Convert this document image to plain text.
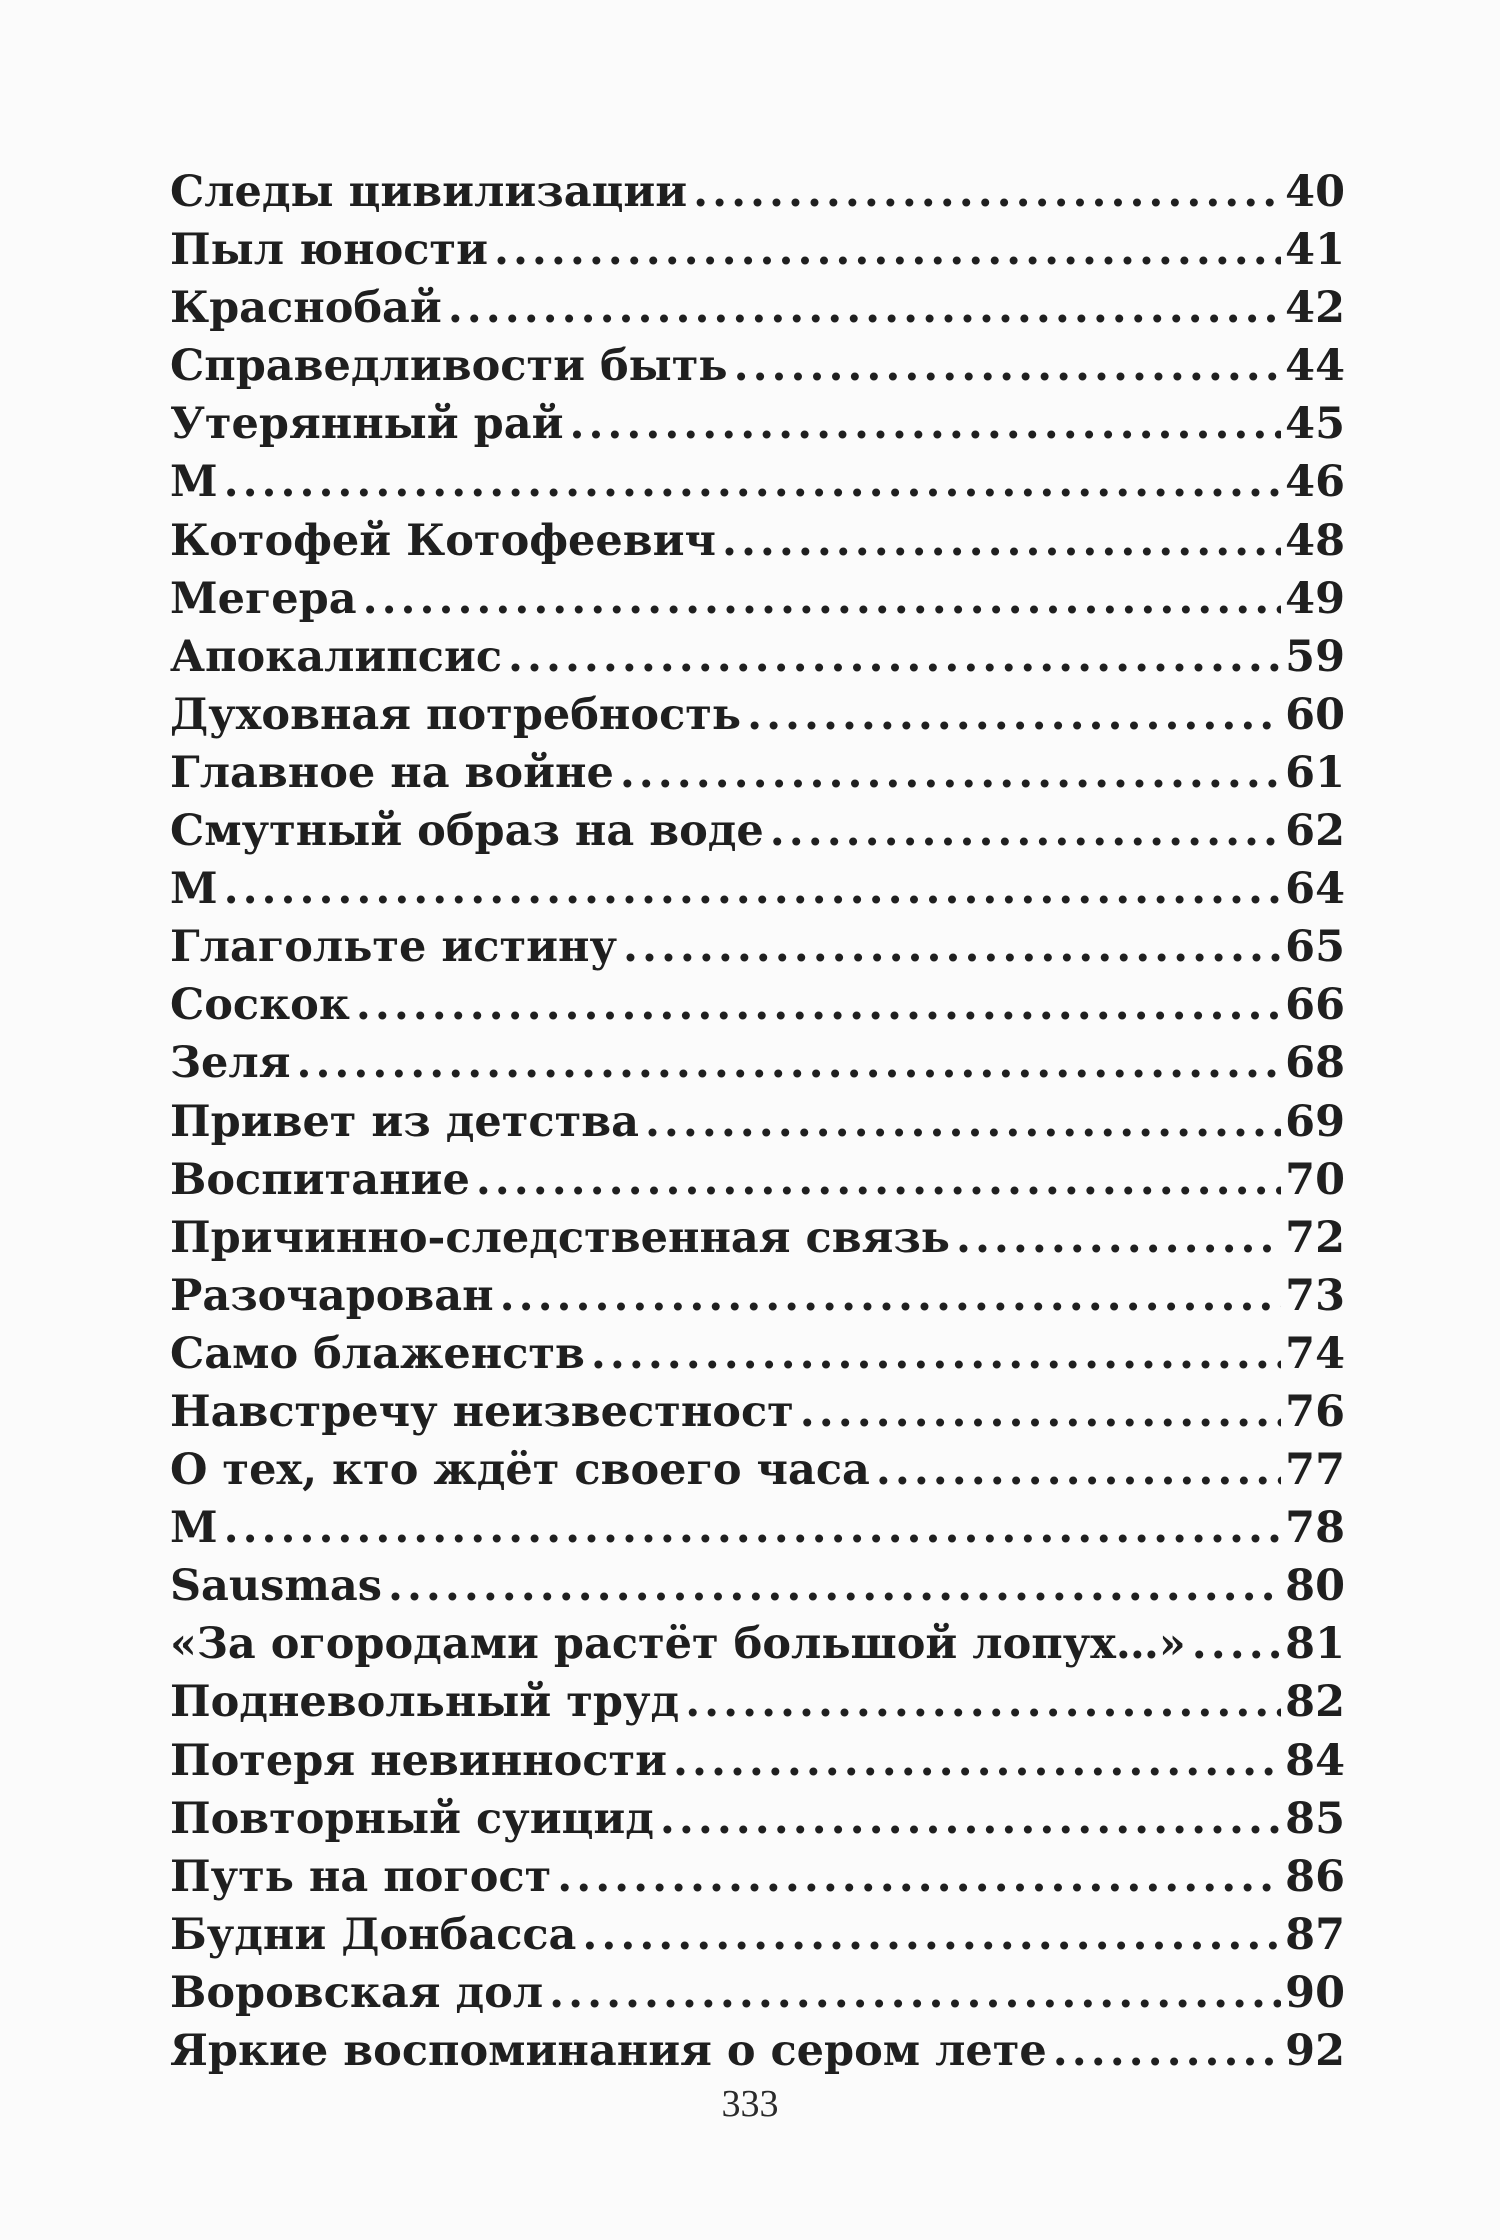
Следы цивилизации .....	40
Пыл юности .....	41
Краснобай .....	42
Справедливости быть .....	44
Утерянный рай .....	45
М .....	46
Котофей Котофеевич .....	48
Мегера .....	49
Апокалипсис .....	59
Духовная потребность .....	60
Главное на войне .....	61
Смутный образ на воде .....	62
М .....	64
Глагольте истину .....	65
Соскок .....	66
Зеля .....	68
Привет из детства .....	69
Воспитание .....	70
Причинно-следственная связь .....	72
Разочарован .....	73
Само блаженств .....	74
Навстречу неизвестност .....	76
О тех, кто ждёт своего часа .....	77
М .....	78
Sausmas .....	80
«За огородами растёт большой лопух…» ..... 81
Подневольный труд .....	82
Потеря невинности .....	84
Повторный суицид .....	85
Путь на погост .....	86
Будни Донбасса .....	87
Воровская дол .....	90
Яркие воспоминания о сером лете .....	92
333
